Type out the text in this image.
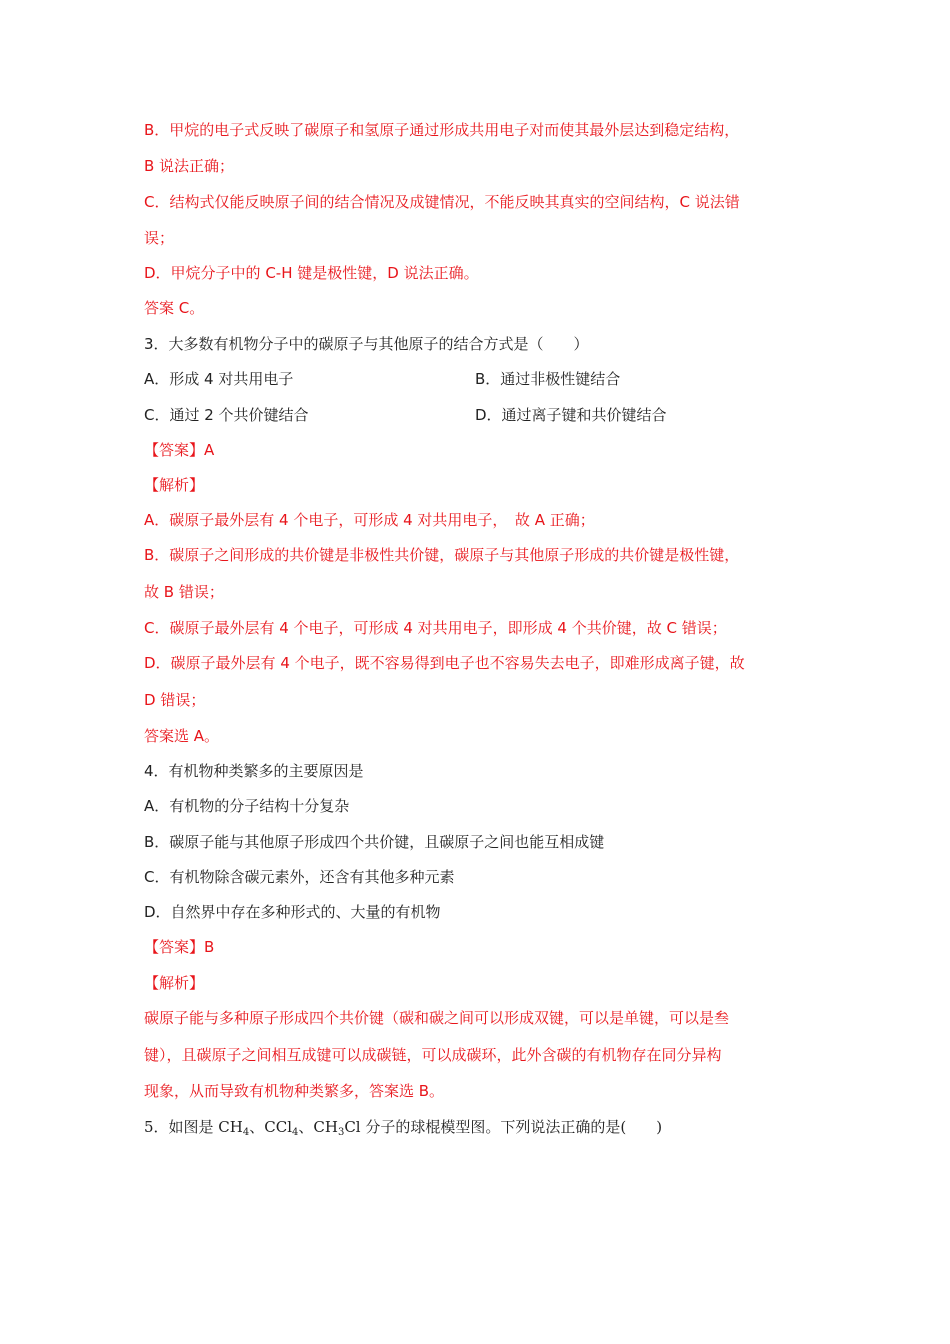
B．甲烷的电子式反映了碳原子和氢原子通过形成共用电子对而使其最外层达到稳定结构，
B 说法正确；
C．结构式仅能反映原子间的结合情况及成键情况，不能反映其真实的空间结构，C 说法错
误；
D．甲烷分子中的 C-H 键是极性键，D 说法正确。
答案 C。
3．大多数有机物分子中的碳原子与其他原子的结合方式是（　　）
A．形成 4 对共用电子	B．通过非极性键结合
C．通过 2 个共价键结合	D．通过离子键和共价键结合
【答案】A
【解析】
A．碳原子最外层有 4 个电子，可形成 4 对共用电子，　故 A 正确；
B．碳原子之间形成的共价键是非极性共价键，碳原子与其他原子形成的共价键是极性键，
故 B 错误；
C．碳原子最外层有 4 个电子，可形成 4 对共用电子，即形成 4 个共价键，故 C 错误；
D．碳原子最外层有 4 个电子，既不容易得到电子也不容易失去电子，即难形成离子键，故
D 错误；
答案选 A。
4．有机物种类繁多的主要原因是
A．有机物的分子结构十分复杂
B．碳原子能与其他原子形成四个共价键，且碳原子之间也能互相成键
C．有机物除含碳元素外，还含有其他多种元素
D．自然界中存在多种形式的、大量的有机物
【答案】B
【解析】
碳原子能与多种原子形成四个共价键（碳和碳之间可以形成双键，可以是单键，可以是叁
键），且碳原子之间相互成键可以成碳链，可以成碳环，此外含碳的有机物存在同分异构
现象，从而导致有机物种类繁多，答案选 B。
5．如图是 $CH_4$、CCl$_4$、$CH_3Cl$ 分子的球棍模型图。下列说法正确的是(　　)
